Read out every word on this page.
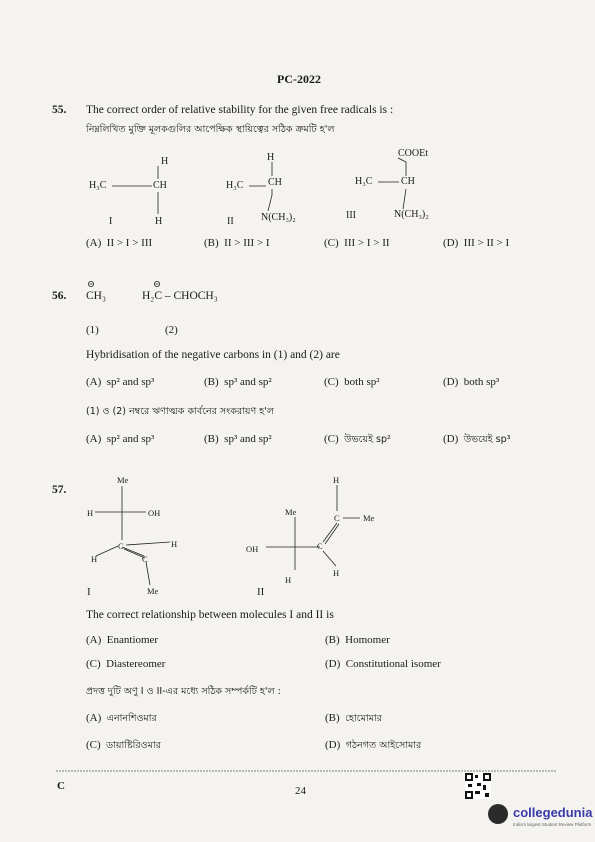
PC-2022
55. The correct order of relative stability for the given free radicals is :
নিম্নলিখিত মুক্তি মূলকগুলির আপেক্ষিক স্থায়িত্বের সঠিক ক্রমটি হ'ল
H
H₃C	CH
H
I
H
H₃C CH
N(CH₃)₂
II
COOEt
H₃C	CH
N(CH₃)₂
III
(A) II > I > III	(B) II > III > I	(C) III > I > II	(D) III > II > I
56. CH₃	H₂C – CHOCH₃
(1)	(2)
Hybridisation of the negative carbons in (1) and (2) are
(A) sp² and sp³	(B) sp³ and sp²	(C) both sp²	(D) both sp³
(1) ও (2) নম্বরে ঋণাত্মক কার্বনের সংকরায়ণ হ'ল
(A) sp² and sp³	(B) sp³ and sp²	(C) উভয়েই sp²	(D) উভয়েই sp³
57.
Me
H	OH
C	H
H	C
Me
I
H
Me
C	Me
OH	C
H
H
II
The correct relationship between molecules I and II is
(A) Enantiomer	(B) Homomer
(C) Diastereomer	(D) Constitutional isomer
প্রদত্ত দুটি অণু I ও II-এর মধ্যে সঠিক সম্পর্কটি হ'ল :
(A) এনানশিওমার	(B) হোমোমার
(C) ডায়াষ্টিরিওমার	(D) গঠনগত আইসোমার
C	24
collegedunia
India's largest Student Review Platform
